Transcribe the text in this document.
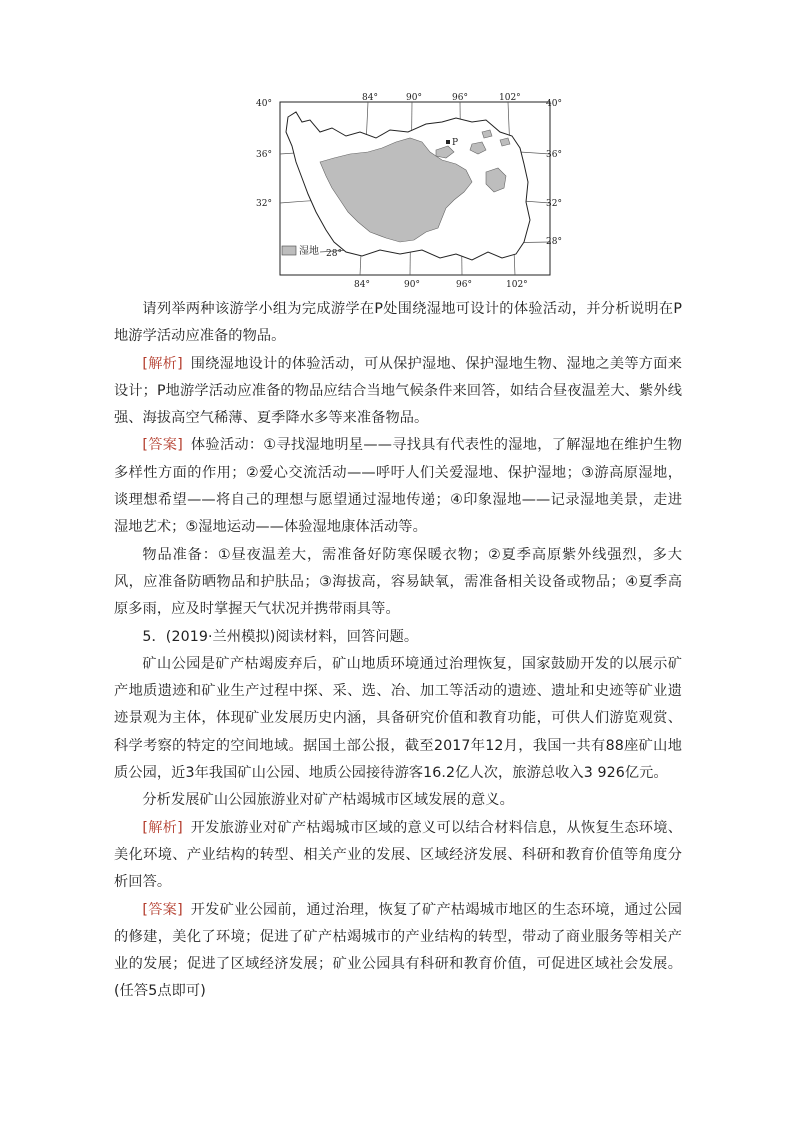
P
84°	90°	96°	102°
84°	90°	96°	102°
40°
36°
32°
40°
36°
32°
28°
28°
湿地

请列举两种该游学小组为完成游学在P处围绕湿地可设计的体验活动，并分析说明在P地游学活动应准备的物品。

[解析] 围绕湿地设计的体验活动，可从保护湿地、保护湿地生物、湿地之美等方面来设计；P地游学活动应准备的物品应结合当地气候条件来回答，如结合昼夜温差大、紫外线强、海拔高空气稀薄、夏季降水多等来准备物品。

[答案] 体验活动：①寻找湿地明星——寻找具有代表性的湿地，了解湿地在维护生物多样性方面的作用；②爱心交流活动——呼吁人们关爱湿地、保护湿地；③游高原湿地，谈理想希望——将自己的理想与愿望通过湿地传递；④印象湿地——记录湿地美景，走进湿地艺术；⑤湿地运动——体验湿地康体活动等。

物品准备：①昼夜温差大，需准备好防寒保暖衣物；②夏季高原紫外线强烈，多大风，应准备防晒物品和护肤品；③海拔高，容易缺氧，需准备相关设备或物品；④夏季高原多雨，应及时掌握天气状况并携带雨具等。

5．(2019·兰州模拟)阅读材料，回答问题。

矿山公园是矿产枯竭废弃后，矿山地质环境通过治理恢复，国家鼓励开发的以展示矿产地质遗迹和矿业生产过程中探、采、选、冶、加工等活动的遗迹、遗址和史迹等矿业遗迹景观为主体，体现矿业发展历史内涵，具备研究价值和教育功能，可供人们游览观赏、科学考察的特定的空间地域。据国土部公报，截至2017年12月，我国一共有88座矿山地质公园，近3年我国矿山公园、地质公园接待游客16.2亿人次，旅游总收入3 926亿元。

分析发展矿山公园旅游业对矿产枯竭城市区域发展的意义。

[解析] 开发旅游业对矿产枯竭城市区域的意义可以结合材料信息，从恢复生态环境、美化环境、产业结构的转型、相关产业的发展、区域经济发展、科研和教育价值等角度分析回答。

[答案] 开发矿业公园前，通过治理，恢复了矿产枯竭城市地区的生态环境，通过公园的修建，美化了环境；促进了矿产枯竭城市的产业结构的转型，带动了商业服务等相关产业的发展；促进了区域经济发展；矿业公园具有科研和教育价值，可促进区域社会发展。(任答5点即可)
